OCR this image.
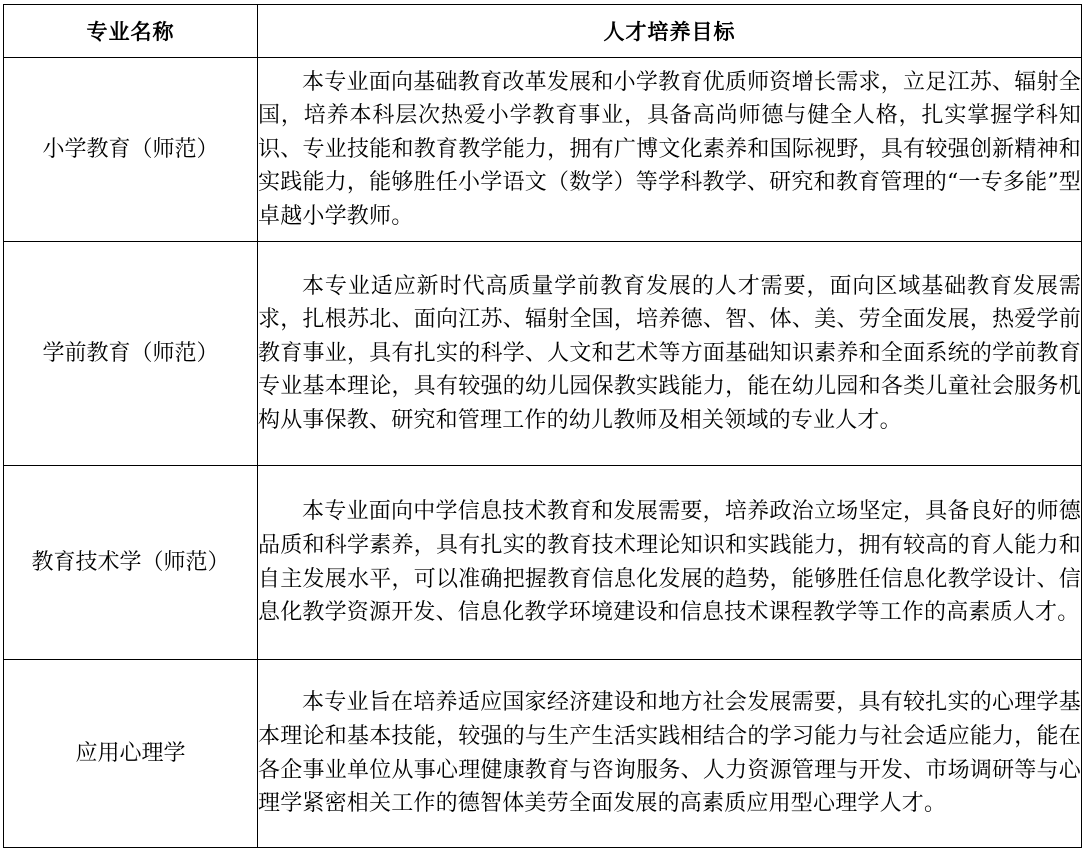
专业名称	人才培养目标
小学教育（师范）	本专业面向基础教育改革发展和小学教育优质师资增长需求，立足江苏、辐射全国，培养本科层次热爱小学教育事业，具备高尚师德与健全人格，扎实掌握学科知识、专业技能和教育教学能力，拥有广博文化素养和国际视野，具有较强创新精神和实践能力，能够胜任小学语文（数学）等学科教学、研究和教育管理的“一专多能”型卓越小学教师。
学前教育（师范）	本专业适应新时代高质量学前教育发展的人才需要，面向区域基础教育发展需求，扎根苏北、面向江苏、辐射全国，培养德、智、体、美、劳全面发展，热爱学前教育事业，具有扎实的科学、人文和艺术等方面基础知识素养和全面系统的学前教育专业基本理论，具有较强的幼儿园保教实践能力，能在幼儿园和各类儿童社会服务机构从事保教、研究和管理工作的幼儿教师及相关领域的专业人才。
教育技术学（师范）	本专业面向中学信息技术教育和发展需要，培养政治立场坚定，具备良好的师德品质和科学素养，具有扎实的教育技术理论知识和实践能力，拥有较高的育人能力和自主发展水平，可以准确把握教育信息化发展的趋势，能够胜任信息化教学设计、信息化教学资源开发、信息化教学环境建设和信息技术课程教学等工作的高素质人才。
应用心理学	本专业旨在培养适应国家经济建设和地方社会发展需要，具有较扎实的心理学基本理论和基本技能，较强的与生产生活实践相结合的学习能力与社会适应能力，能在各企事业单位从事心理健康教育与咨询服务、人力资源管理与开发、市场调研等与心理学紧密相关工作的德智体美劳全面发展的高素质应用型心理学人才。
